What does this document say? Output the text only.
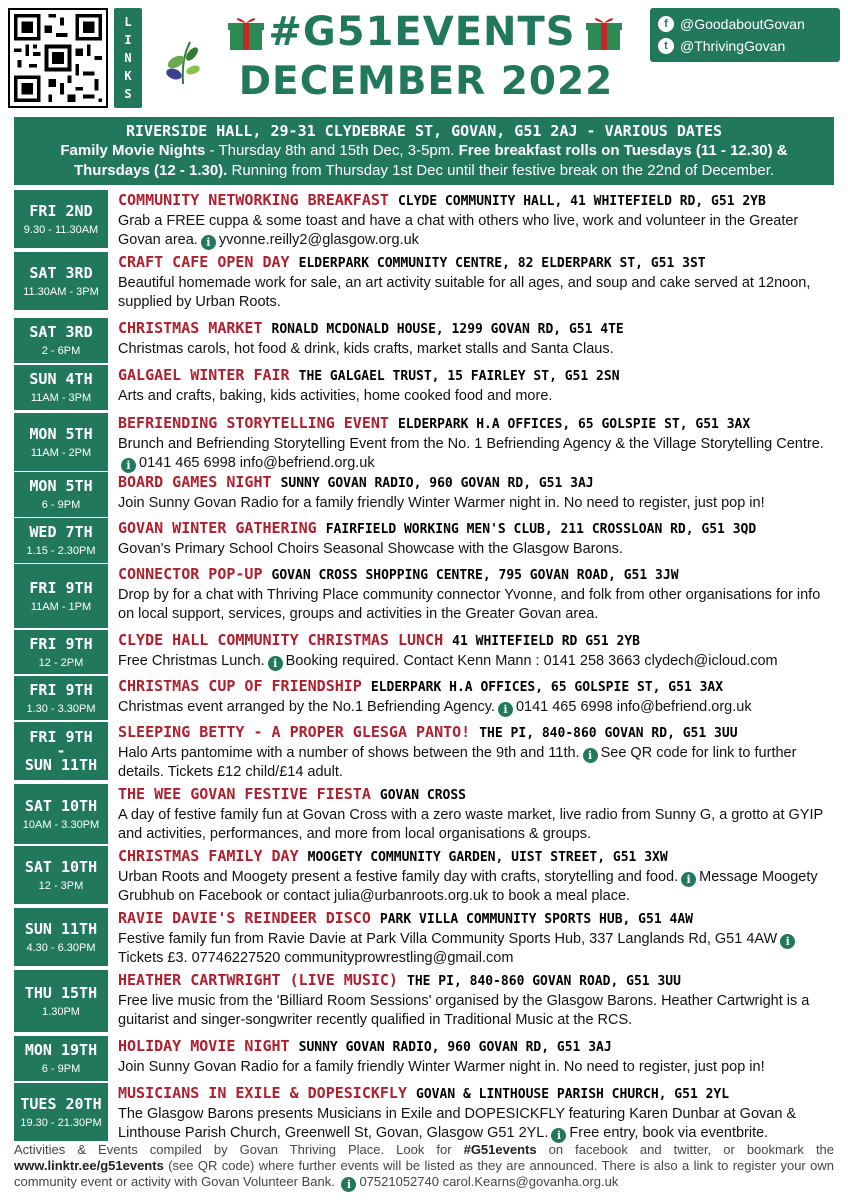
L
I
N
K
S
#G51EVENTS
DECEMBER 2022
f @GoodaboutGovan
t @ThrivingGovan
RIVERSIDE HALL, 29-31 CLYDEBRAE ST, GOVAN, G51 2AJ - VARIOUS DATES
Family Movie Nights - Thursday 8th and 15th Dec, 3-5pm. Free breakfast rolls on Tuesdays (11 - 12.30) & Thursdays (12 - 1.30). Running from Thursday 1st Dec until their festive break on the 22nd of December.
FRI 2ND
9.30 - 11.30AM
COMMUNITY NETWORKING BREAKFAST CLYDE COMMUNITY HALL, 41 WHITEFIELD RD, G51 2YB
Grab a FREE cuppa & some toast and have a chat with others who live, work and volunteer in the Greater Govan area. i yvonne.reilly2@glasgow.org.uk
SAT 3RD
11.30AM - 3PM
CRAFT CAFE OPEN DAY ELDERPARK COMMUNITY CENTRE, 82 ELDERPARK ST, G51 3ST
Beautiful homemade work for sale, an art activity suitable for all ages, and soup and cake served at 12noon, supplied by Urban Roots.
SAT 3RD
2 - 6PM
CHRISTMAS MARKET RONALD MCDONALD HOUSE, 1299 GOVAN RD, G51 4TE
Christmas carols, hot food & drink, kids crafts, market stalls and Santa Claus.
SUN 4TH
11AM - 3PM
GALGAEL WINTER FAIR THE GALGAEL TRUST, 15 FAIRLEY ST, G51 2SN
Arts and crafts, baking, kids activities, home cooked food and more.
MON 5TH
11AM - 2PM
BEFRIENDING STORYTELLING EVENT ELDERPARK H.A OFFICES, 65 GOLSPIE ST, G51 3AX
Brunch and Befriending Storytelling Event from the No. 1 Befriending Agency & the Village Storytelling Centre.i 0141 465 6998 info@befriend.org.uk
MON 5TH
6 - 9PM
BOARD GAMES NIGHT SUNNY GOVAN RADIO, 960 GOVAN RD, G51 3AJ
Join Sunny Govan Radio for a family friendly Winter Warmer night in. No need to register, just pop in!
WED 7TH
1.15 - 2.30PM
GOVAN WINTER GATHERING FAIRFIELD WORKING MEN'S CLUB, 211 CROSSLOAN RD, G51 3QD
Govan's Primary School Choirs Seasonal Showcase with the Glasgow Barons.
FRI 9TH
11AM - 1PM
CONNECTOR POP-UP GOVAN CROSS SHOPPING CENTRE, 795 GOVAN ROAD, G51 3JW
Drop by for a chat with Thriving Place community connector Yvonne, and folk from other organisations for info on local support, services, groups and activities in the Greater Govan area.
FRI 9TH
12 - 2PM
CLYDE HALL COMMUNITY CHRISTMAS LUNCH 41 WHITEFIELD RD G51 2YB
Free Christmas Lunch. i Booking required. Contact Kenn Mann : 0141 258 3663 clydech@icloud.com
FRI 9TH
1.30 - 3.30PM
CHRISTMAS CUP OF FRIENDSHIP ELDERPARK H.A OFFICES, 65 GOLSPIE ST, G51 3AX
Christmas event arranged by the No.1 Befriending Agency. i 0141 465 6998 info@befriend.org.uk
FRI 9TH
-
SUN 11TH
SLEEPING BETTY - A PROPER GLESGA PANTO! THE PI, 840-860 GOVAN RD, G51 3UU
Halo Arts pantomime with a number of shows between the 9th and 11th. i See QR code for link to further details. Tickets £12 child/£14 adult.
SAT 10TH
10AM - 3.30PM
THE WEE GOVAN FESTIVE FIESTA GOVAN CROSS
A day of festive family fun at Govan Cross with a zero waste market, live radio from Sunny G, a grotto at GYIP and activities, performances, and more from local organisations & groups.
SAT 10TH
12 - 3PM
CHRISTMAS FAMILY DAY MOOGETY COMMUNITY GARDEN, UIST STREET, G51 3XW
Urban Roots and Moogety present a festive family day with crafts, storytelling and food. i Message Moogety Grubhub on Facebook or contact julia@urbanroots.org.uk to book a meal place.
SUN 11TH
4.30 - 6.30PM
RAVIE DAVIE'S REINDEER DISCO PARK VILLA COMMUNITY SPORTS HUB, G51 4AW
Festive family fun from Ravie Davie at Park Villa Community Sports Hub, 337 Langlands Rd, G51 4AW iTickets £3. 07746227520 communityprowrestling@gmail.com
THU 15TH
1.30PM
HEATHER CARTWRIGHT (LIVE MUSIC) THE PI, 840-860 GOVAN ROAD, G51 3UU
Free live music from the 'Billiard Room Sessions' organised by the Glasgow Barons. Heather Cartwright is a guitarist and singer-songwriter recently qualified in Traditional Music at the RCS.
MON 19TH
6 - 9PM
HOLIDAY MOVIE NIGHT SUNNY GOVAN RADIO, 960 GOVAN RD, G51 3AJ
Join Sunny Govan Radio for a family friendly Winter Warmer night in. No need to register, just pop in!
TUES 20TH
19.30 - 21.30PM
MUSICIANS IN EXILE & DOPESICKFLY GOVAN & LINTHOUSE PARISH CHURCH, G51 2YL
The Glasgow Barons presents Musicians in Exile and DOPESICKFLY featuring Karen Dunbar at Govan & Linthouse Parish Church, Greenwell St, Govan, Glasgow G51 2YL. i Free entry, book via eventbrite.
Activities & Events compiled by Govan Thriving Place. Look for #G51events on facebook and twitter, or bookmark the www.linktr.ee/g51events (see QR code) where further events will be listed as they are announced. There is also a link to register your own community event or activity with Govan Volunteer Bank. i 07521052740 carol.Kearns@govanha.org.uk
